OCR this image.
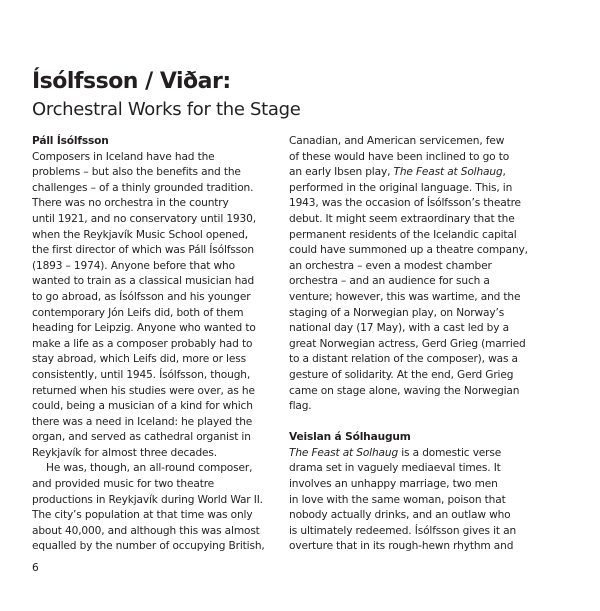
Ísólfsson / Viðar:
Orchestral Works for the Stage
Páll Ísólfsson
Composers in Iceland have had the
problems – but also the benefits and the
challenges – of a thinly grounded tradition.
There was no orchestra in the country
until 1921, and no conservatory until 1930,
when the Reykjavík Music School opened,
the first director of which was Páll Ísólfsson
(1893 – 1974). Anyone before that who
wanted to train as a classical musician had
to go abroad, as Ísólfsson and his younger
contemporary Jón Leifs did, both of them
heading for Leipzig. Anyone who wanted to
make a life as a composer probably had to
stay abroad, which Leifs did, more or less
consistently, until 1945. Ísólfsson, though,
returned when his studies were over, as he
could, being a musician of a kind for which
there was a need in Iceland: he played the
organ, and served as cathedral organist in
Reykjavík for almost three decades.
He was, though, an all-round composer,
and provided music for two theatre
productions in Reykjavík during World War II.
The city’s population at that time was only
about 40,000, and although this was almost
equalled by the number of occupying British,
Canadian, and American servicemen, few
of these would have been inclined to go to
an early Ibsen play, The Feast at Solhaug,
performed in the original language. This, in
1943, was the occasion of Ísólfsson’s theatre
debut. It might seem extraordinary that the
permanent residents of the Icelandic capital
could have summoned up a theatre company,
an orchestra – even a modest chamber
orchestra – and an audience for such a
venture; however, this was wartime, and the
staging of a Norwegian play, on Norway’s
national day (17 May), with a cast led by a
great Norwegian actress, Gerd Grieg (married
to a distant relation of the composer), was a
gesture of solidarity. At the end, Gerd Grieg
came on stage alone, waving the Norwegian
flag.
Veislan á Sólhaugum
The Feast at Solhaug is a domestic verse
drama set in vaguely mediaeval times. It
involves an unhappy marriage, two men
in love with the same woman, poison that
nobody actually drinks, and an outlaw who
is ultimately redeemed. Ísólfsson gives it an
overture that in its rough-hewn rhythm and
6
